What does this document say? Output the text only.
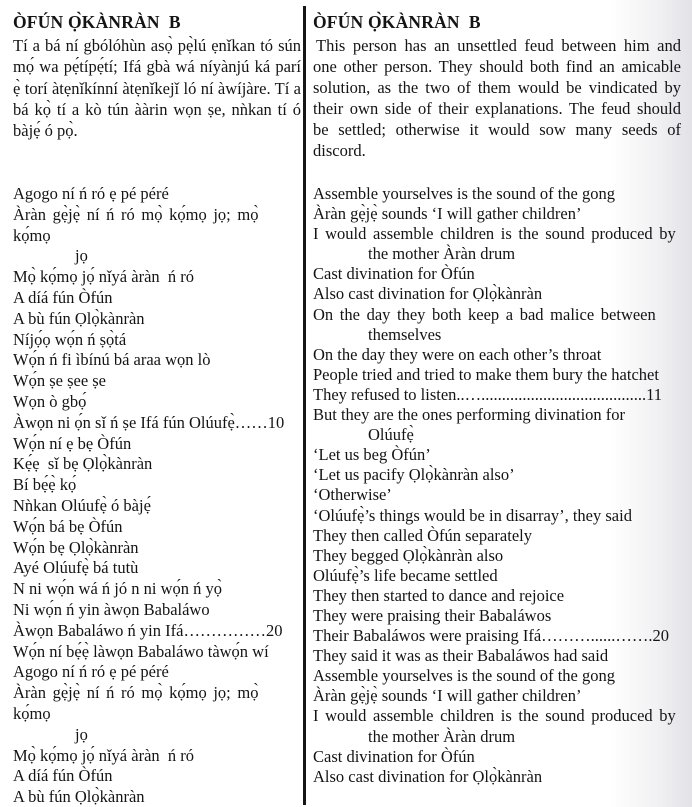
ÒFÚN Ọ̀KÀNRÀN  B

Tí a bá ní gbólóhùn asọ̀ pẹ̀lú ẹnǐkan tó sún mọ́ wa pẹ́típẹ́tí; Ifá gbà wá níyànjú ká parí ẹ̀ torí àtẹnǐkínní àtẹnǐkejǐ ló ní àwíjàre. Tí a bá kọ̀ tí a kò tún ààrin wọn ṣe, nǹkan tí ó bàjẹ́ ó pọ̀.

Agogo ní ń ró ẹ pé péré
Àràn gẹ̀jẹ̀ ní ń ró mọ̀ kọ́mọ jọ; mọ̀ kọ́mọ
jọ
Mọ̀ kọ́mọ jọ́ nǐyá àràn  ń ró
A díá fún Òfún
A bù fún Ọlọ̀kànràn
Níjọ́ọ wọ́n ń ṣọ̀tá
Wọ́n ń fi ìbínú bá araa wọn lò
Wọ́n ṣe ṣee ṣe
Wọn ò gbọ́
Àwọn ni ọ́n sǐ ń ṣe Ifá fún Olúufẹ̀……10
Wọ́n ní ẹ bẹ Òfún
Kẹ́ẹ  sǐ bẹ Ọlọ̀kànràn
Bí bẹ́ẹ̀ kọ́
Nǹkan Olúufẹ̀ ó bàjẹ́
Wọ́n bá bẹ Òfún
Wọ́n bẹ Ọlọ̀kànràn
Ayé Olúufẹ̀ bá tutù
N ni wọ́n wá ń jó n ni wọ́n ń yọ̀
Ni wọ́n ń yin àwọn Babaláwo
Àwọn Babaláwo ń yin Ifá……………20
Wọ́n ní bẹ́ẹ̀ làwọn Babaláwo tàwọ́n wí
Agogo ní ń ró ẹ pé péré
Àràn gẹ̀jẹ̀ ní ń ró mọ̀ kọ́mọ jọ; mọ̀ kọ́mọ
jọ
Mọ̀ kọ́mọ jọ́ nǐyá àràn  ń ró
A díá fún Òfún
A bù fún Ọlọ̀kànràn
ÒFÚN Ọ̀KÀNRÀN  B

This person has an unsettled feud between him and one other person. They should both find an amicable solution, as the two of them would be vindicated by their own side of their explanations. The feud should be settled; otherwise it would sow many seeds of discord.

Assemble yourselves is the sound of the gong
Àràn gẹ̀jẹ̀ sounds ‘I will gather children’
I would assemble children is the sound produced by
the mother Àràn drum
Cast divination for Òfún
Also cast divination for Ọlọ̀kànràn
On the day they both keep a bad malice between
themselves
On the day they were on each other’s throat
People tried and tried to make them bury the hatchet
They refused to listen..…........................................11
But they are the ones performing divination for
Olúufẹ̀
‘Let us beg Òfún’
‘Let us pacify Ọlọ̀kànràn also’
‘Otherwise’
‘Olúufẹ̀’s things would be in disarray’, they said
They then called Òfún separately
They begged Ọlọ̀kànràn also
Olúufẹ̀’s life became settled
They then started to dance and rejoice
They were praising their Babaláwos
Their Babaláwos were praising Ifá………......…….20
They said it was as their Babaláwos had said
Assemble yourselves is the sound of the gong
Àràn gẹ̀jẹ̀ sounds ‘I will gather children’
I would assemble children is the sound produced by
the mother Àràn drum
Cast divination for Òfún
Also cast divination for Ọlọ̀kànràn
